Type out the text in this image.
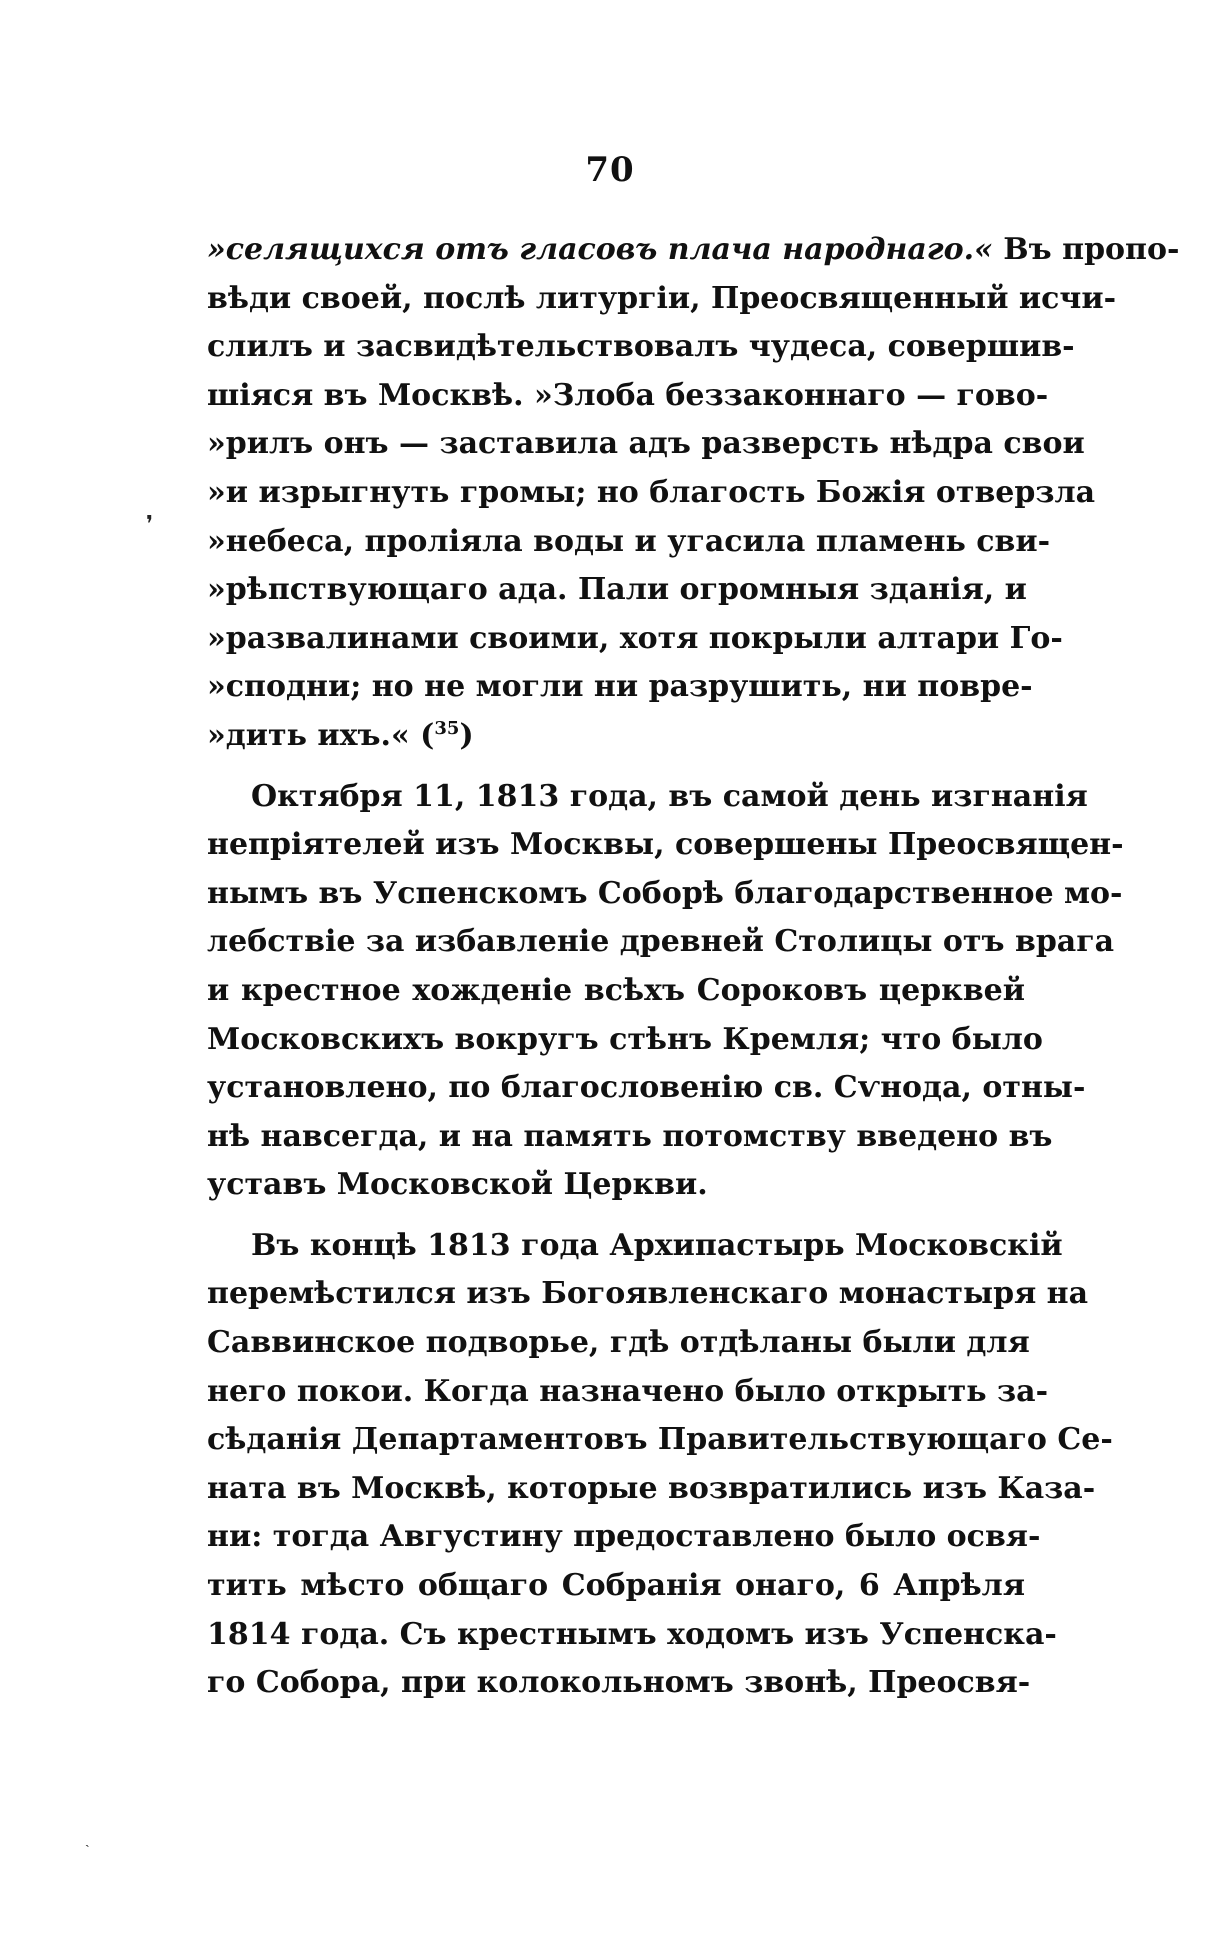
70
❜
ˎ
»селящихся отъ гласовъ плача народнаго.« Въ пропо-
вѣди своей, послѣ литургіи, Преосвященный исчи-
слилъ и засвидѣтельствовалъ чудеса, совершив-
шіяся въ Москвѣ. »Злоба беззаконнаго — гово-
»рилъ онъ — заставила адъ разверсть нѣдра свои
»и изрыгнуть громы; но благость Божія отверзла
»небеса, проліяла воды и угасила пламень сви-
»рѣпствующаго ада. Пали огромныя зданія, и
»развалинами своими, хотя покрыли алтари Го-
»сподни; но не могли ни разрушить, ни повре-
»дить ихъ.« ($^{35}$)
Октября 11, 1813 года, въ самой день изгнанія
непріятелей изъ Москвы, совершены Преосвящен-
нымъ въ Успенскомъ Соборѣ благодарственное мо-
лебствіе за избавленіе древней Столицы отъ врага
и крестное хожденіе всѣхъ Сороковъ церквей
Московскихъ вокругъ стѣнъ Кремля; что было
установлено, по благословенію св. Сѵнода, отны-
нѣ навсегда, и на память потомству введено въ
уставъ Московской Церкви.
Въ концѣ 1813 года Архипастырь Московскій
перемѣстился изъ Богоявленскаго монастыря на
Саввинское подворье, гдѣ отдѣланы были для
него покои. Когда назначено было открыть за-
сѣданія Департаментовъ Правительствующаго Се-
ната въ Москвѣ, которые возвратились изъ Каза-
ни: тогда Августину предоставлено было освя-
тить мѣсто общаго Собранія онаго, 6 Апрѣля
1814 года. Съ крестнымъ ходомъ изъ Успенска-
го Собора, при колокольномъ звонѣ, Преосвя-
